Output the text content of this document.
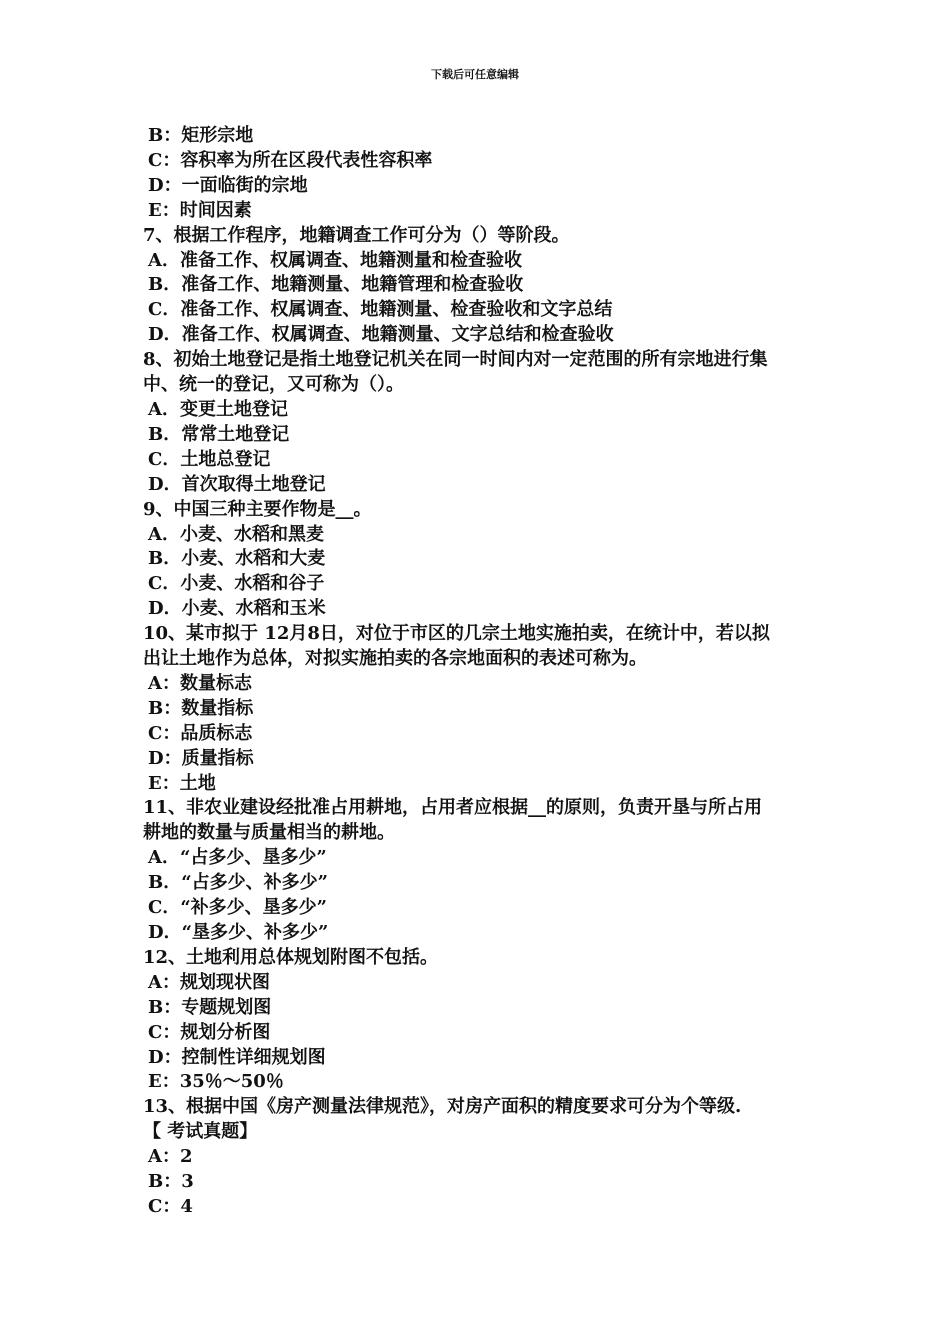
下载后可任意编辑
B：矩形宗地
C：容积率为所在区段代表性容积率
D：一面临街的宗地
E：时间因素
7、根据工作程序，地籍调查工作可分为（）等阶段。
A．准备工作、权属调查、地籍测量和检查验收
B．准备工作、地籍测量、地籍管理和检查验收
C．准备工作、权属调查、地籍测量、检查验收和文字总结
D．准备工作、权属调查、地籍测量、文字总结和检查验收
8、初始土地登记是指土地登记机关在同一时间内对一定范围的所有宗地进行集
中、统一的登记，又可称为（）。
A．变更土地登记
B．常常土地登记
C．土地总登记
D．首次取得土地登记
9、中国三种主要作物是__。
A．小麦、水稻和黑麦
B．小麦、水稻和大麦
C．小麦、水稻和谷子
D．小麦、水稻和玉米
10、某市拟于 12月8日，对位于市区的几宗土地实施拍卖，在统计中，若以拟
出让土地作为总体，对拟实施拍卖的各宗地面积的表述可称为。
A：数量标志
B：数量指标
C：品质标志
D：质量指标
E：土地
11、非农业建设经批准占用耕地，占用者应根据__的原则，负责开垦与所占用
耕地的数量与质量相当的耕地。
A．“占多少、垦多少”
B．“占多少、补多少”
C．“补多少、垦多少”
D．“垦多少、补多少”
12、土地利用总体规划附图不包括。
A：规划现状图
B：专题规划图
C：规划分析图
D：控制性详细规划图
E：35％～50％
13、根据中国《房产测量法律规范》，对房产面积的精度要求可分为个等级.
【 考试真题】
A：2
B：3
C：4
